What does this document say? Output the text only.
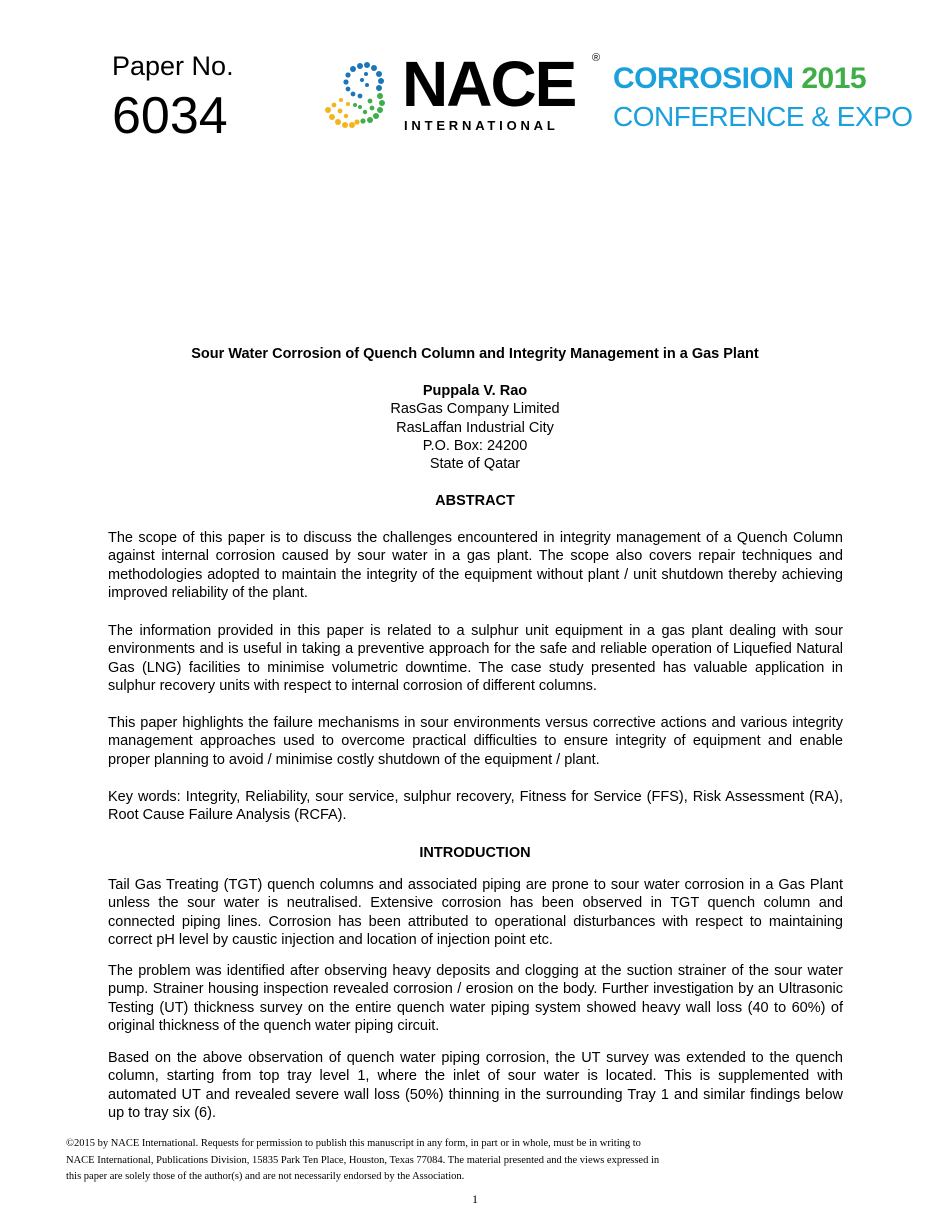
Paper No.
6034	NACE ®
INTERNATIONAL
CORROSION 2015
CONFERENCE & EXPO
Sour Water Corrosion of Quench Column and Integrity Management in a Gas Plant
Puppala V. Rao
RasGas Company Limited
RasLaffan Industrial City
P.O. Box: 24200
State of Qatar
ABSTRACT

The scope of this paper is to discuss the challenges encountered in integrity management of a Quench Column against internal corrosion caused by sour water in a gas plant. The scope also covers repair techniques and methodologies adopted to maintain the integrity of the equipment without plant / unit shutdown thereby achieving improved reliability of the plant.

The information provided in this paper is related to a sulphur unit equipment in a gas plant dealing with sour environments and is useful in taking a preventive approach for the safe and reliable operation of Liquefied Natural Gas (LNG) facilities to minimise volumetric downtime. The case study presented has valuable application in sulphur recovery units with respect to internal corrosion of different columns.

This paper highlights the failure mechanisms in sour environments versus corrective actions and various integrity management approaches used to overcome practical difficulties to ensure integrity of equipment and enable proper planning to avoid / minimise costly shutdown of the equipment / plant.

Key words: Integrity, Reliability, sour service, sulphur recovery, Fitness for Service (FFS), Risk Assessment (RA), Root Cause Failure Analysis (RCFA).

INTRODUCTION

Tail Gas Treating (TGT) quench columns and associated piping are prone to sour water corrosion in a Gas Plant unless the sour water is neutralised. Extensive corrosion has been observed in TGT quench column and connected piping lines. Corrosion has been attributed to operational disturbances with respect to maintaining correct pH level by caustic injection and location of injection point etc.

The problem was identified after observing heavy deposits and clogging at the suction strainer of the sour water pump. Strainer housing inspection revealed corrosion / erosion on the body. Further investigation by an Ultrasonic Testing (UT) thickness survey on the entire quench water piping system showed heavy wall loss (40 to 60%) of original thickness of the quench water piping circuit.

Based on the above observation of quench water piping corrosion, the UT survey was extended to the quench column, starting from top tray level 1, where the inlet of sour water is located. This is supplemented with automated UT and revealed severe wall loss (50%) thinning in the surrounding Tray 1 and similar findings below up to tray six (6).

©2015 by NACE International. Requests for permission to publish this manuscript in any form, in part or in whole, must be in writing to
NACE International, Publications Division, 15835 Park Ten Place, Houston, Texas 77084. The material presented and the views expressed in
this paper are solely those of the author(s) and are not necessarily endorsed by the Association.
1
